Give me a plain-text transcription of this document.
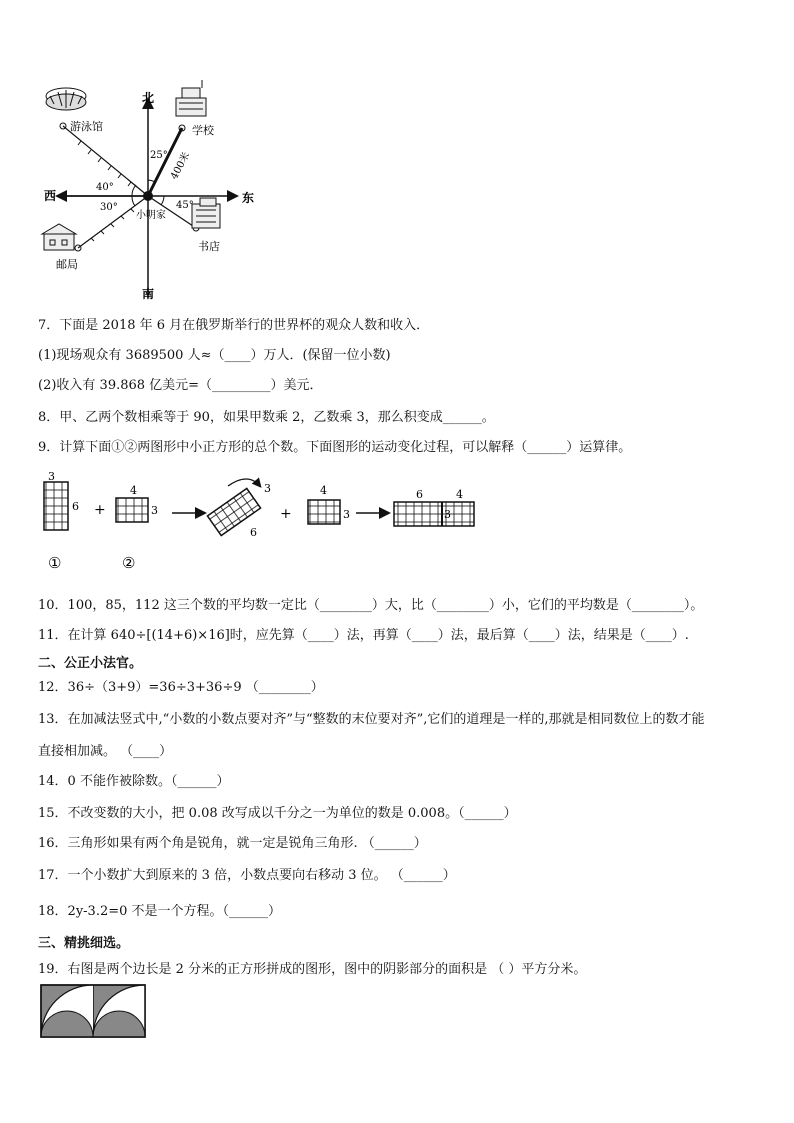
北
南
西	东
游泳馆	学校
邮局
书店
小明家
25°
40°
30°	45°
400米
7．下面是 2018 年 6 月在俄罗斯举行的世界杯的观众人数和收入．
(1)现场观众有 3689500 人≈（____）万人．(保留一位小数)
(2)收入有 39.868 亿美元=（_________）美元．
8．甲、乙两个数相乘等于 90，如果甲数乘 2，乙数乘 3，那么积变成______。
9．计算下面①②两图形中小正方形的总个数。下面图形的运动变化过程，可以解释（______）运算律。
3
6 +
4
3
3
6
+
4
3
6	4
3
①	②
10．100，85，112 这三个数的平均数一定比（________）大，比（________）小，它们的平均数是（________）。
11．在计算 640÷[(14+6)×16]时，应先算（____）法，再算（____）法，最后算（____）法，结果是（____）.
二、公正小法官。
12．36÷（3+9）=36÷3+36÷9 （________）
13．在加减法竖式中,“小数的小数点要对齐”与“整数的末位要对齐”,它们的道理是一样的,那就是相同数位上的数才能
直接相加减。 （____）
14．0 不能作被除数。（______）
15．不改变数的大小，把 0.08 改写成以千分之一为单位的数是 0.008。（______）
16．三角形如果有两个角是锐角，就一定是锐角三角形. （______）
17．一个小数扩大到原来的 3 倍，小数点要向右移动 3 位。 （______）
18．2y-3.2=0 不是一个方程。（______）
三、精挑细选。
19．右图是两个边长是 2 分米的正方形拼成的图形，图中的阴影部分的面积是 （ ）平方分米。
